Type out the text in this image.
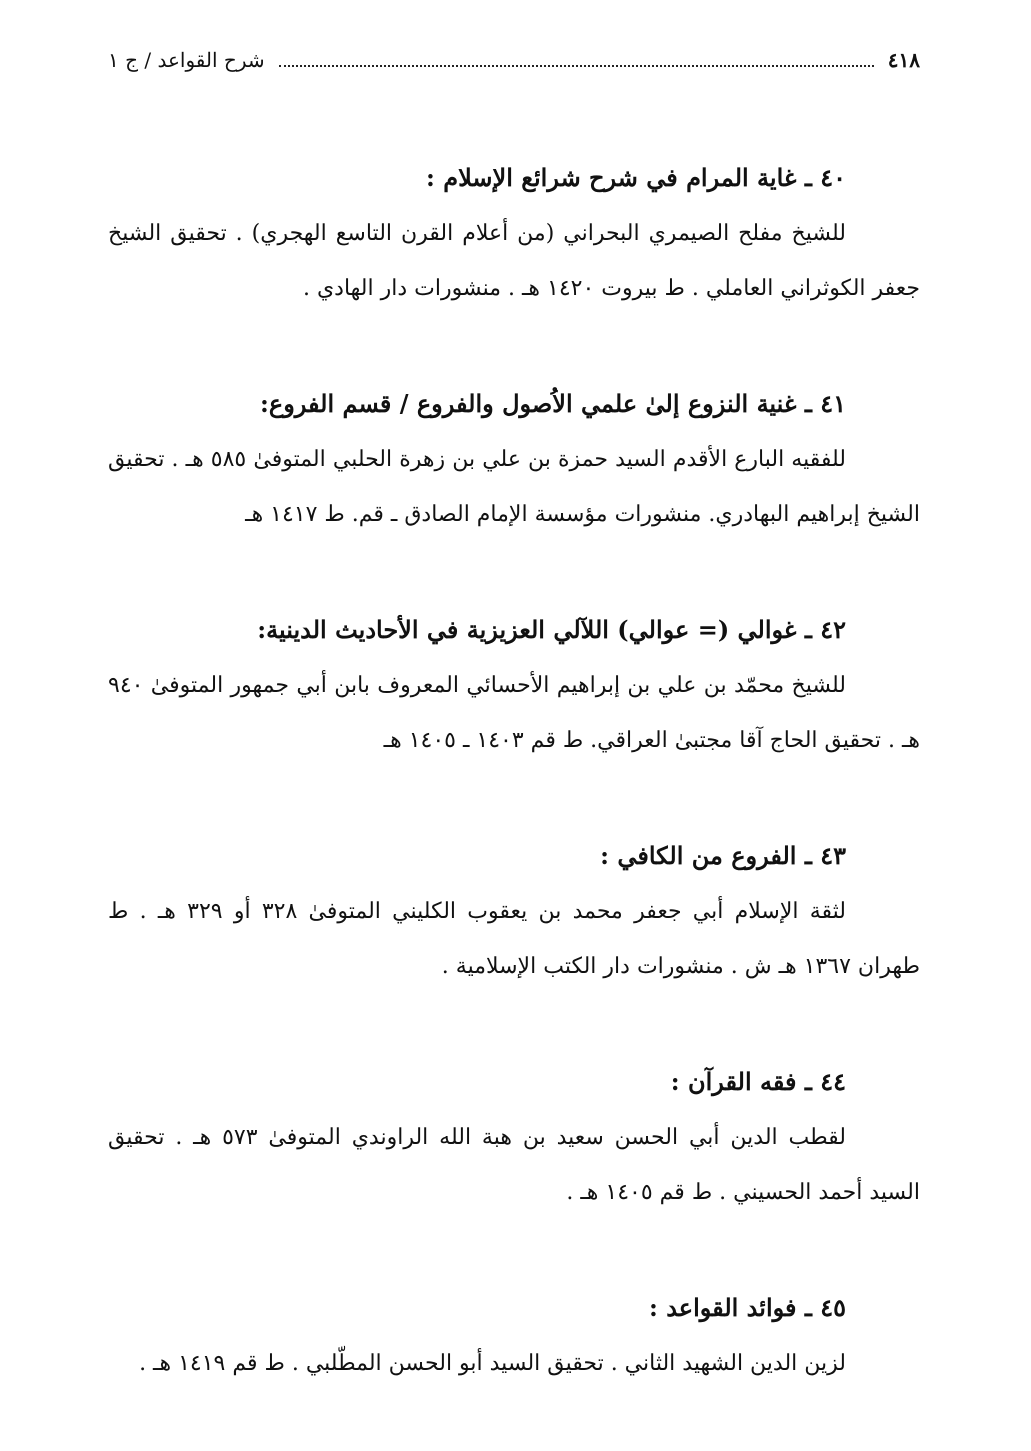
٤١٨
شرح القواعد / ج ١
٤٠ ـ غاية المرام في شرح شرائع الإسلام :
للشيخ مفلح الصيمري البحراني (من أعلام القرن التاسع الهجري) . تحقيق الشيخ جعفر الكوثراني العاملي . ط بيروت ١٤٢٠ هـ . منشورات دار الهادي .
٤١ ـ غنية النزوع إلىٰ علمي الاُصول والفروع / قسم الفروع:
للفقيه البارع الأقدم السيد حمزة بن علي بن زهرة الحلبي المتوفىٰ ٥٨٥ هـ . تحقيق الشيخ إبراهيم البهادري. منشورات مؤسسة الإمام الصادق ـ قم. ط ١٤١٧ هـ
٤٢ ـ غوالي (= عوالي) اللآلي العزيزية في الأحاديث الدينية:
للشيخ محمّد بن علي بن إبراهيم الأحسائي المعروف بابن أبي جمهور المتوفىٰ ٩٤٠ هـ . تحقيق الحاج آقا مجتبىٰ العراقي. ط قم ١٤٠٣ ـ ١٤٠٥ هـ
٤٣ ـ الفروع من الكافي :
لثقة الإسلام أبي جعفر محمد بن يعقوب الكليني المتوفىٰ ٣٢٨ أو ٣٢٩ هـ . ط طهران ١٣٦٧ هـ ش . منشورات دار الكتب الإسلامية .
٤٤ ـ فقه القرآن :
لقطب الدين أبي الحسن سعيد بن هبة الله الراوندي المتوفىٰ ٥٧٣ هـ . تحقيق السيد أحمد الحسيني . ط قم ١٤٠٥ هـ .
٤٥ ـ فوائد القواعد :
لزين الدين الشهيد الثاني . تحقيق السيد أبو الحسن المطّلبي . ط قم ١٤١٩ هـ .
